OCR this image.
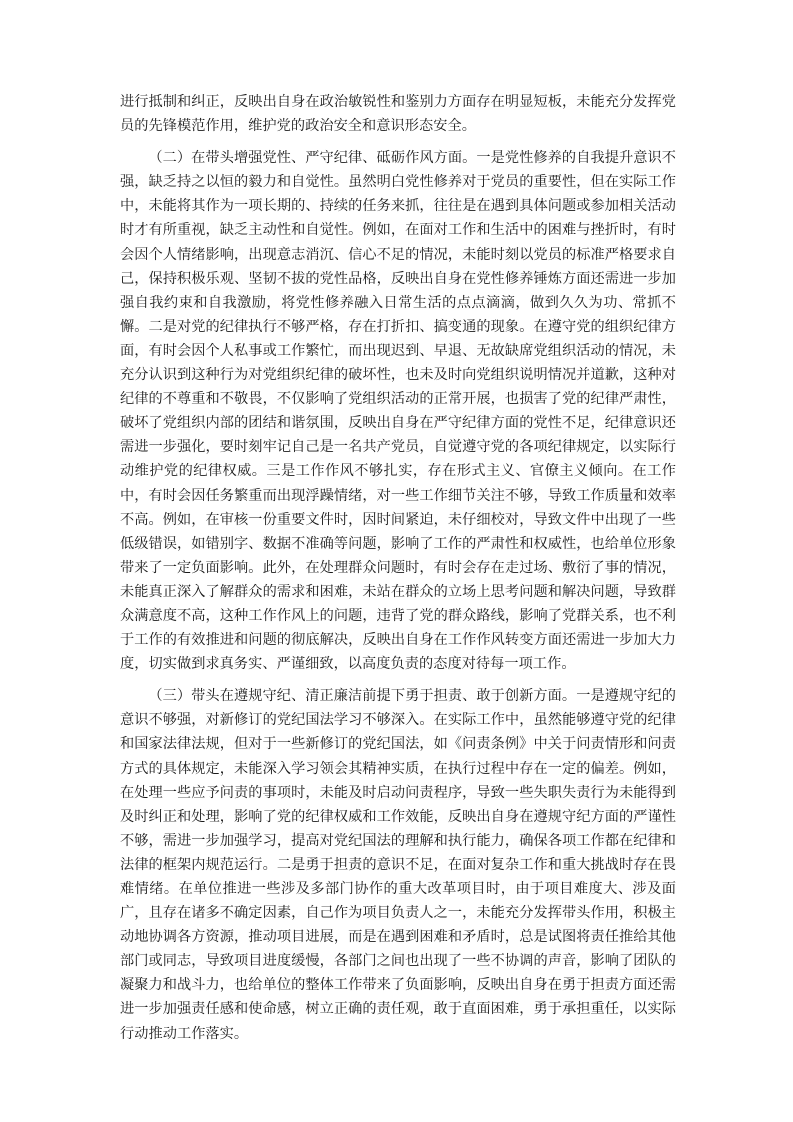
进行抵制和纠正，反映出自身在政治敏锐性和鉴别力方面存在明显短板，未能充分发挥党员的先锋模范作用，维护党的政治安全和意识形态安全。

（二）在带头增强党性、严守纪律、砥砺作风方面。一是党性修养的自我提升意识不强，缺乏持之以恒的毅力和自觉性。虽然明白党性修养对于党员的重要性，但在实际工作中，未能将其作为一项长期的、持续的任务来抓，往往是在遇到具体问题或参加相关活动时才有所重视，缺乏主动性和自觉性。例如，在面对工作和生活中的困难与挫折时，有时会因个人情绪影响，出现意志消沉、信心不足的情况，未能时刻以党员的标准严格要求自己，保持积极乐观、坚韧不拔的党性品格，反映出自身在党性修养锤炼方面还需进一步加强自我约束和自我激励，将党性修养融入日常生活的点点滴滴，做到久久为功、常抓不懈。二是对党的纪律执行不够严格，存在打折扣、搞变通的现象。在遵守党的组织纪律方面，有时会因个人私事或工作繁忙，而出现迟到、早退、无故缺席党组织活动的情况，未充分认识到这种行为对党组织纪律的破坏性，也未及时向党组织说明情况并道歉，这种对纪律的不尊重和不敬畏，不仅影响了党组织活动的正常开展，也损害了党的纪律严肃性，破坏了党组织内部的团结和谐氛围，反映出自身在严守纪律方面的党性不足，纪律意识还需进一步强化，要时刻牢记自己是一名共产党员，自觉遵守党的各项纪律规定，以实际行动维护党的纪律权威。三是工作作风不够扎实，存在形式主义、官僚主义倾向。在工作中，有时会因任务繁重而出现浮躁情绪，对一些工作细节关注不够，导致工作质量和效率不高。例如，在审核一份重要文件时，因时间紧迫，未仔细校对，导致文件中出现了一些低级错误，如错别字、数据不准确等问题，影响了工作的严肃性和权威性，也给单位形象带来了一定负面影响。此外，在处理群众问题时，有时会存在走过场、敷衍了事的情况，未能真正深入了解群众的需求和困难，未站在群众的立场上思考问题和解决问题，导致群众满意度不高，这种工作作风上的问题，违背了党的群众路线，影响了党群关系，也不利于工作的有效推进和问题的彻底解决，反映出自身在工作作风转变方面还需进一步加大力度，切实做到求真务实、严谨细致，以高度负责的态度对待每一项工作。

（三）带头在遵规守纪、清正廉洁前提下勇于担责、敢于创新方面。一是遵规守纪的意识不够强，对新修订的党纪国法学习不够深入。在实际工作中，虽然能够遵守党的纪律和国家法律法规，但对于一些新修订的党纪国法，如《问责条例》中关于问责情形和问责方式的具体规定，未能深入学习领会其精神实质，在执行过程中存在一定的偏差。例如，在处理一些应予问责的事项时，未能及时启动问责程序，导致一些失职失责行为未能得到及时纠正和处理，影响了党的纪律权威和工作效能，反映出自身在遵规守纪方面的严谨性不够，需进一步加强学习，提高对党纪国法的理解和执行能力，确保各项工作都在纪律和法律的框架内规范运行。二是勇于担责的意识不足，在面对复杂工作和重大挑战时存在畏难情绪。在单位推进一些涉及多部门协作的重大改革项目时，由于项目难度大、涉及面广，且存在诸多不确定因素，自己作为项目负责人之一，未能充分发挥带头作用，积极主动地协调各方资源，推动项目进展，而是在遇到困难和矛盾时，总是试图将责任推给其他部门或同志，导致项目进度缓慢，各部门之间也出现了一些不协调的声音，影响了团队的凝聚力和战斗力，也给单位的整体工作带来了负面影响，反映出自身在勇于担责方面还需进一步加强责任感和使命感，树立正确的责任观，敢于直面困难，勇于承担重任，以实际行动推动工作落实。
